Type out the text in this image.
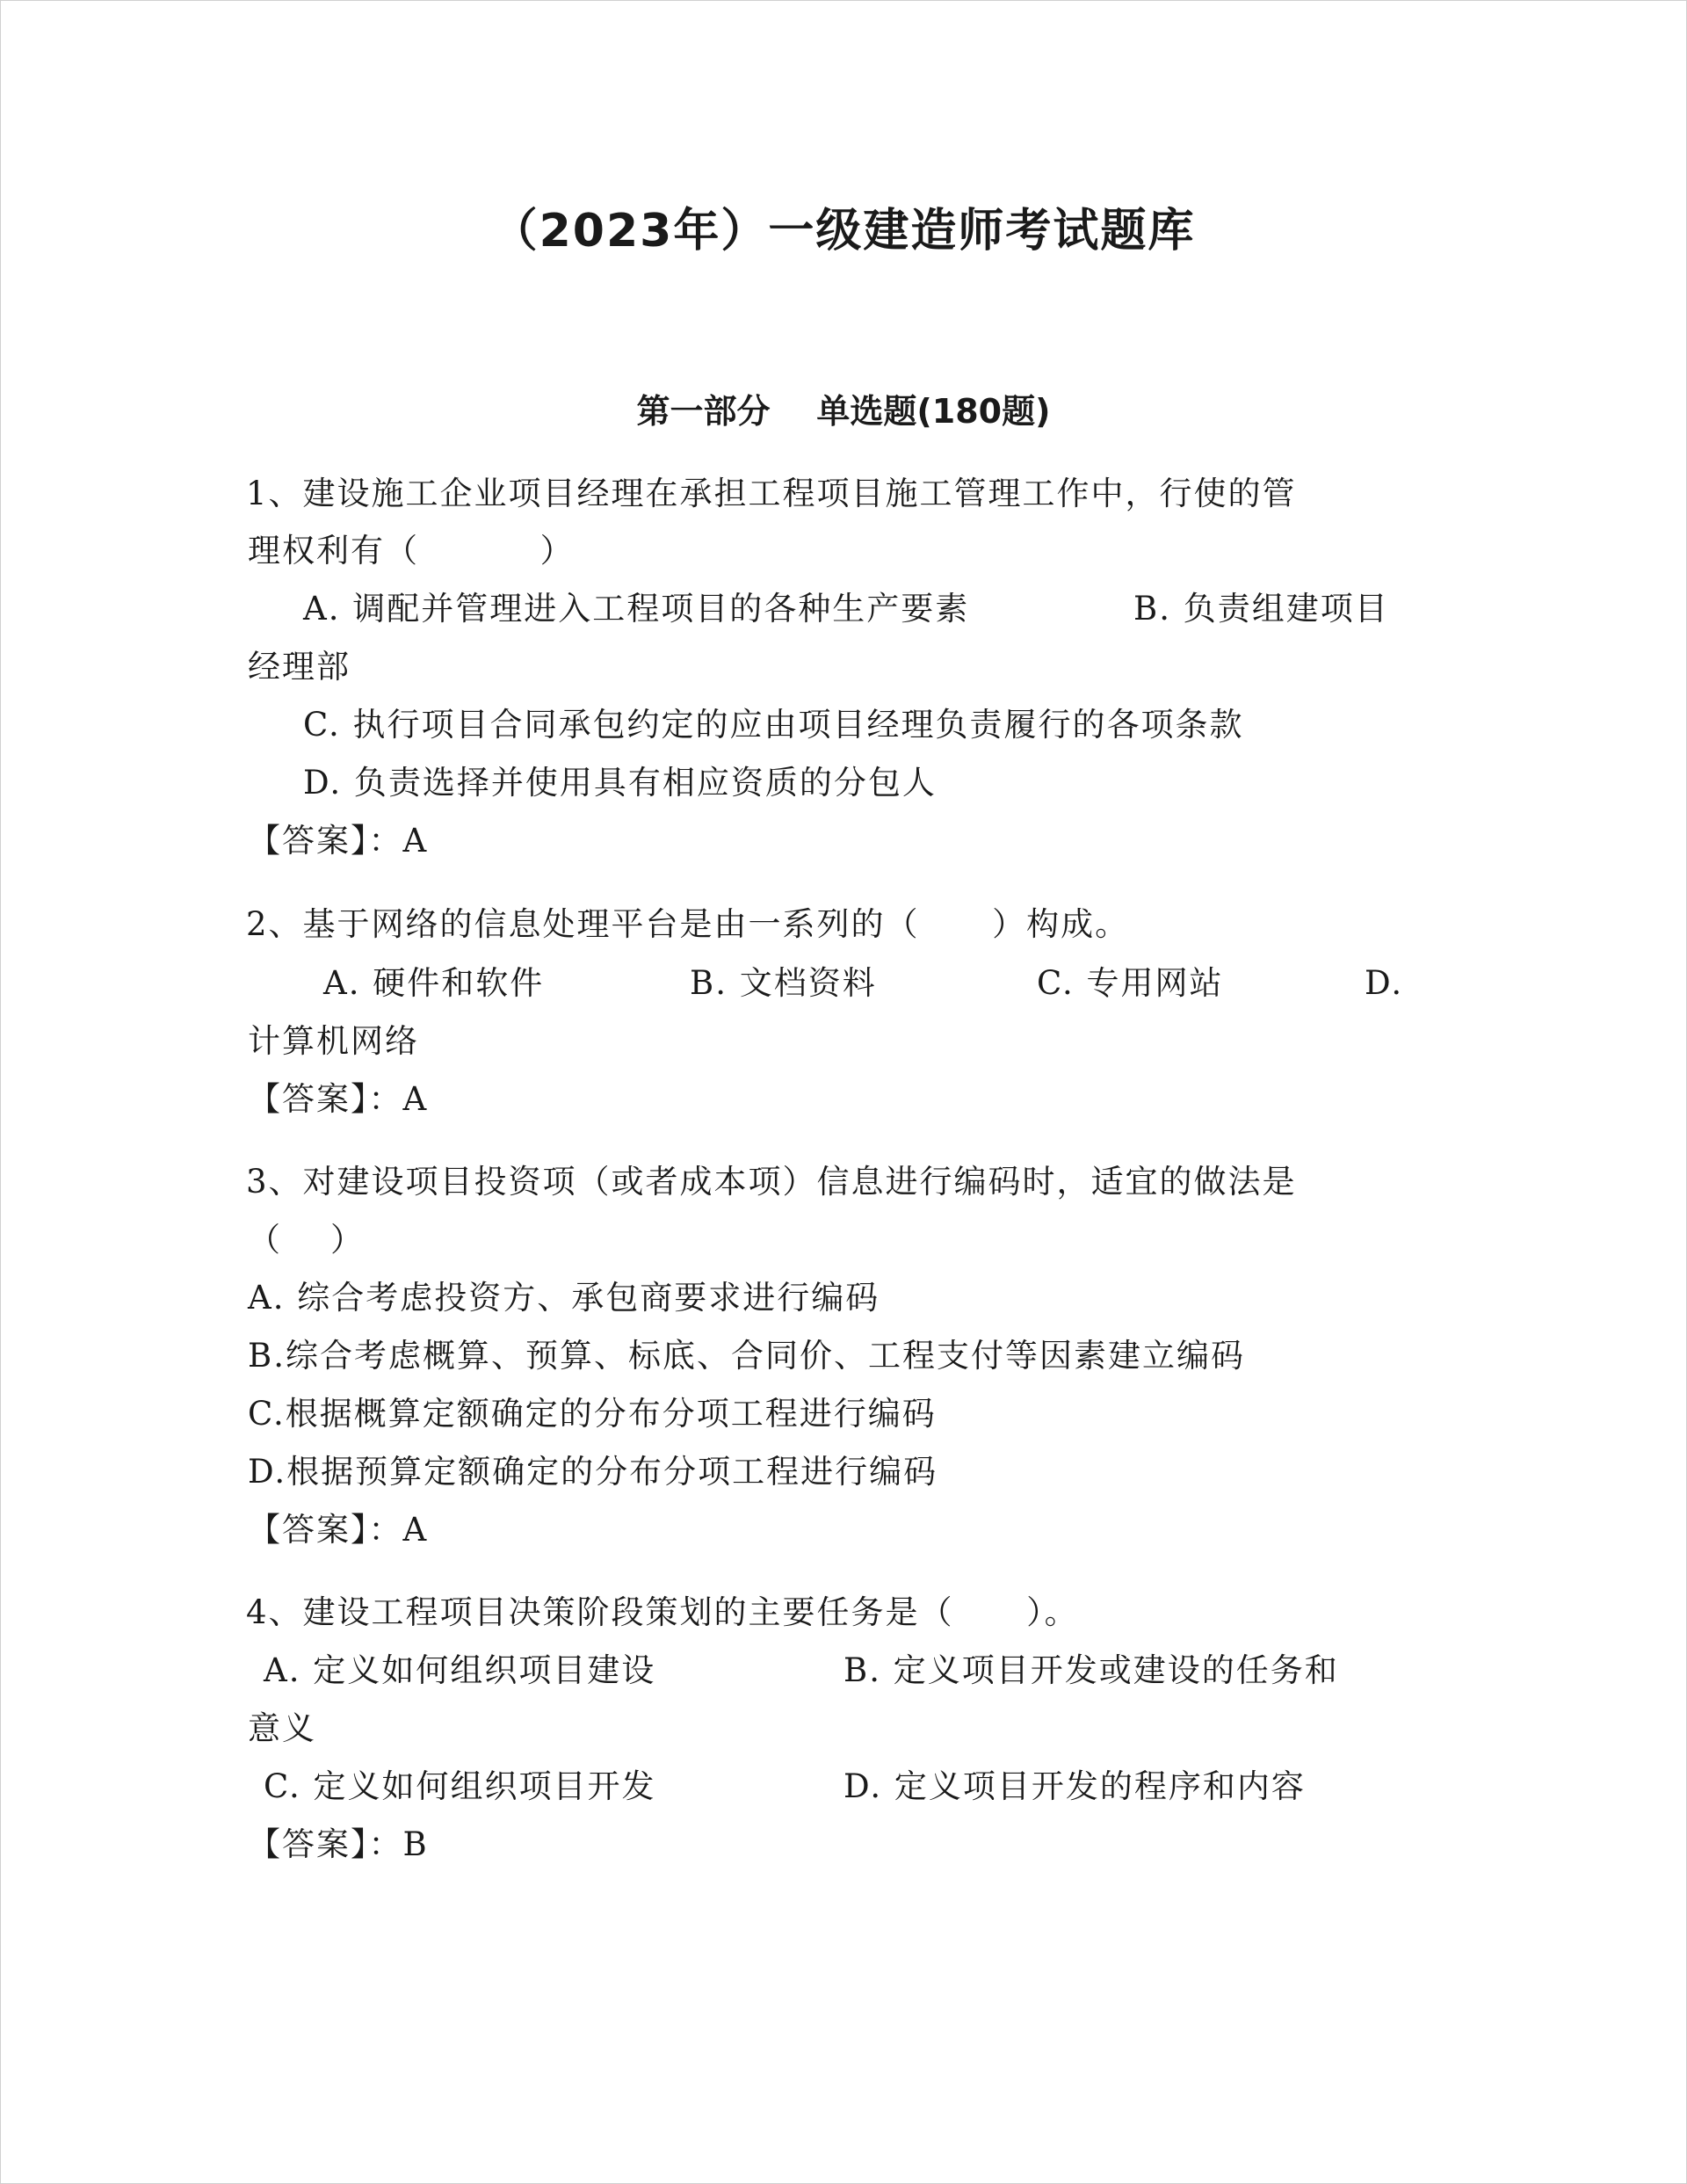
（2023年）一级建造师考试题库
第一部分    单选题(180题)

1、建设施工企业项目经理在承担工程项目施工管理工作中，行使的管

理权利有（          ）

A. 调配并管理进入工程项目的各种生产要素	B. 负责组建项目

经理部

C. 执行项目合同承包约定的应由项目经理负责履行的各项条款

D. 负责选择并使用具有相应资质的分包人

【答案】：A

2、基于网络的信息处理平台是由一系列的（      ）构成。

A. 硬件和软件	B. 文档资料	C. 专用网站	D.

计算机网络

【答案】：A

3、对建设项目投资项（或者成本项）信息进行编码时，适宜的做法是

（    ）

A. 综合考虑投资方、承包商要求进行编码

B.综合考虑概算、预算、标底、合同价、工程支付等因素建立编码

C.根据概算定额确定的分布分项工程进行编码

D.根据预算定额确定的分布分项工程进行编码

【答案】：A

4、建设工程项目决策阶段策划的主要任务是（      ）。

A. 定义如何组织项目建设	B. 定义项目开发或建设的任务和

意义

C. 定义如何组织项目开发	D. 定义项目开发的程序和内容

【答案】：B
